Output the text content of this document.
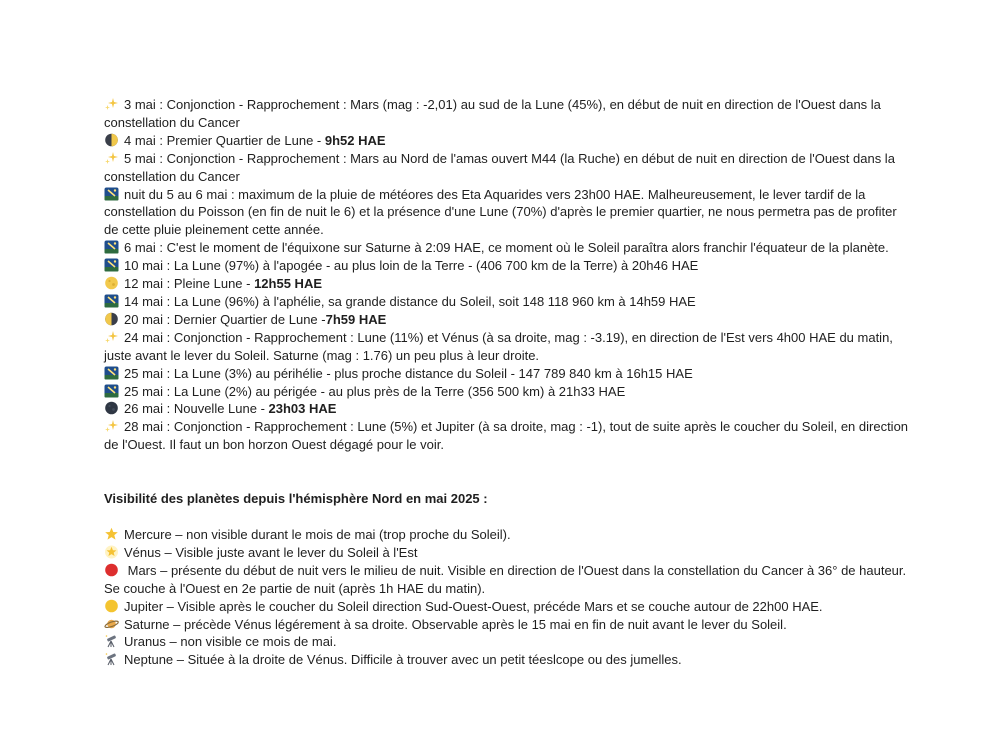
3 mai : Conjonction - Rapprochement : Mars (mag : -2,01) au sud de la Lune (45%), en début de nuit en direction de l'Ouest dans la constellation du Cancer

4 mai : Premier Quartier de Lune - 9h52 HAE

5 mai : Conjonction - Rapprochement : Mars au Nord de l'amas ouvert M44 (la Ruche) en début de nuit en direction de l'Ouest dans la constellation du Cancer

nuit du 5 au 6 mai : maximum de la pluie de météores des Eta Aquarides vers 23h00 HAE. Malheureusement, le lever tardif de la constellation du Poisson (en fin de nuit le 6) et la présence d'une Lune (70%) d'après le premier quartier, ne nous permetra pas de profiter de cette pluie pleinement cette année.

6 mai : C'est le moment de l'équixone sur Saturne à 2:09 HAE, ce moment où le Soleil paraîtra alors franchir l'équateur de la planète.

10 mai : La Lune (97%) à l'apogée - au plus loin de la Terre - (406 700 km de la Terre) à 20h46 HAE

12 mai : Pleine Lune - 12h55 HAE

14 mai : La Lune (96%) à l'aphélie, sa grande distance du Soleil, soit 148 118 960 km à 14h59 HAE

20 mai : Dernier Quartier de Lune -7h59 HAE

24 mai : Conjonction - Rapprochement : Lune (11%) et Vénus (à sa droite, mag : -3.19), en direction de l'Est vers 4h00 HAE du matin, juste avant le lever du Soleil. Saturne (mag : 1.76) un peu plus à leur droite.

25 mai : La Lune (3%) au périhélie - plus proche distance du Soleil - 147 789 840 km à 16h15 HAE

25 mai : La Lune (2%) au périgée - au plus près de la Terre (356 500 km) à 21h33 HAE

26 mai : Nouvelle Lune - 23h03 HAE

28 mai : Conjonction - Rapprochement : Lune (5%) et Jupiter (à sa droite, mag : -1), tout de suite après le coucher du Soleil, en direction de l'Ouest. Il faut un bon horzon Ouest dégagé pour le voir.

Visibilité des planètes depuis l'hémisphère Nord en mai 2025 :

Mercure – non visible durant le mois de mai (trop proche du Soleil).

Vénus – Visible juste avant le lever du Soleil à l'Est

Mars – présente du début de nuit vers le milieu de nuit. Visible en direction de l'Ouest dans la constellation du Cancer à 36° de hauteur. Se couche à l'Ouest en 2e partie de nuit (après 1h HAE du matin).

Jupiter – Visible après le coucher du Soleil direction Sud-Ouest-Ouest, précéde Mars et se couche autour de 22h00 HAE.

Saturne – précède Vénus légérement à sa droite. Observable après le 15 mai en fin de nuit avant le lever du Soleil.

Uranus – non visible ce mois de mai.

Neptune – Située à la droite de Vénus. Difficile à trouver avec un petit téeslcope ou des jumelles.
